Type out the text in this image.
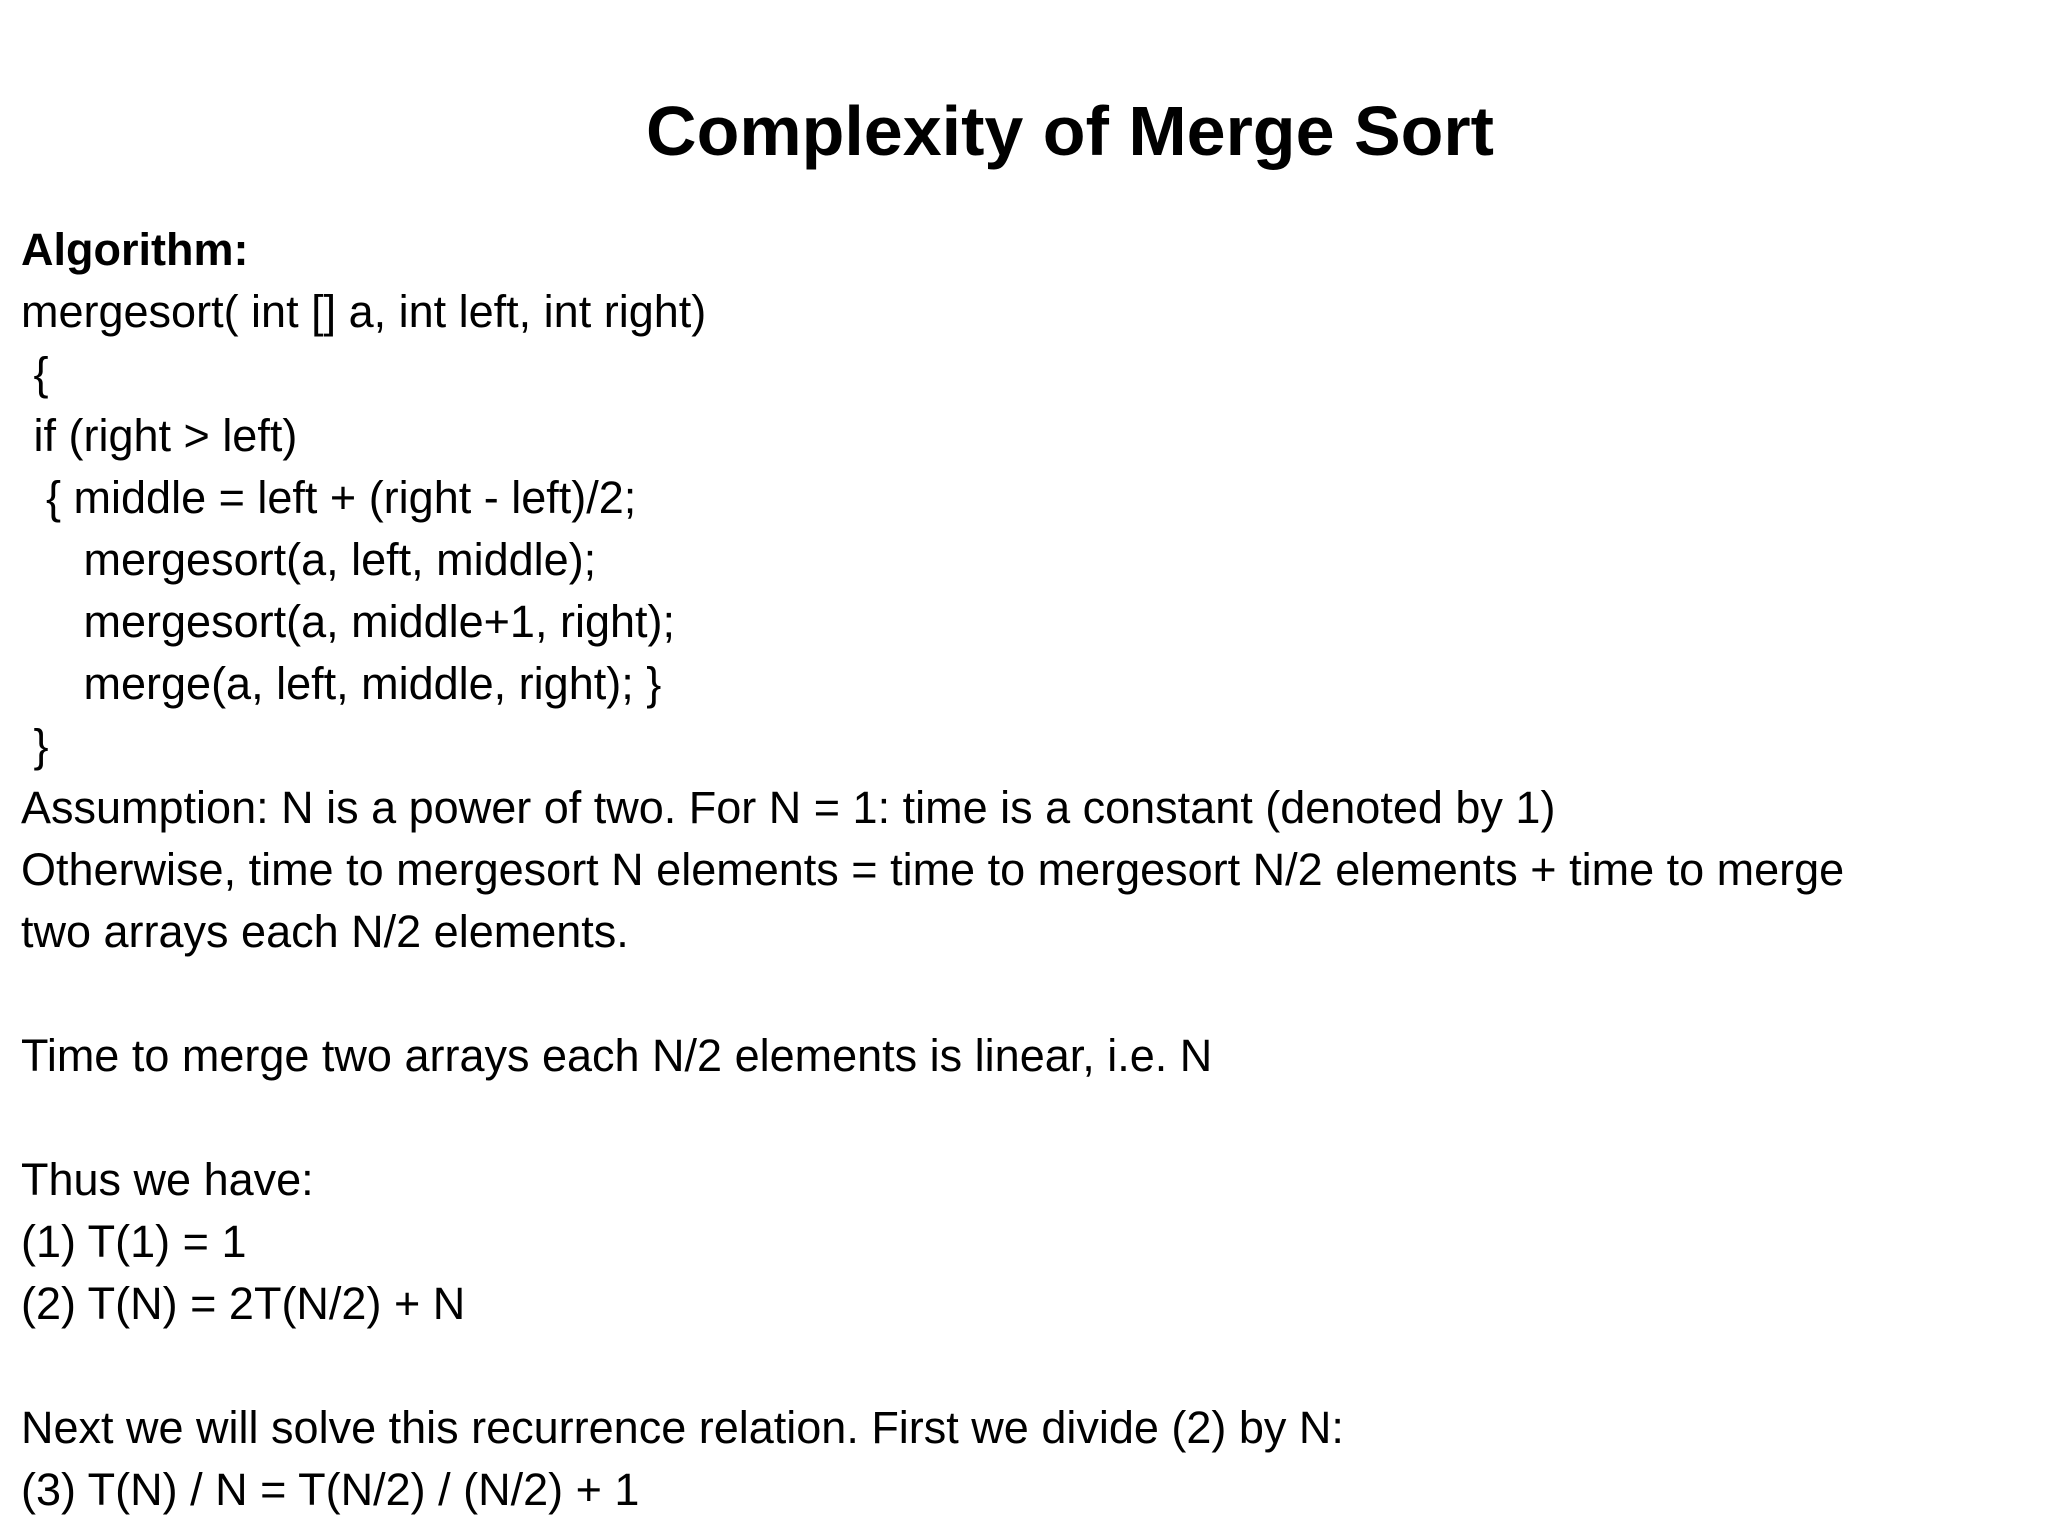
Complexity of Merge Sort
Algorithm:
mergesort( int [] a, int left, int right)
{
if (right > left)
{ middle = left + (right - left)/2;
mergesort(a, left, middle);
mergesort(a, middle+1, right);
merge(a, left, middle, right); }
}
Assumption: N is a power of two. For N = 1: time is a constant (denoted by 1)
Otherwise, time to mergesort N elements = time to mergesort N/2 elements + time to merge
two arrays each N/2 elements.
Time to merge two arrays each N/2 elements is linear, i.e. N
Thus we have:
(1) T(1) = 1
(2) T(N) = 2T(N/2) + N
Next we will solve this recurrence relation. First we divide (2) by N:
(3) T(N) / N = T(N/2) / (N/2) + 1
